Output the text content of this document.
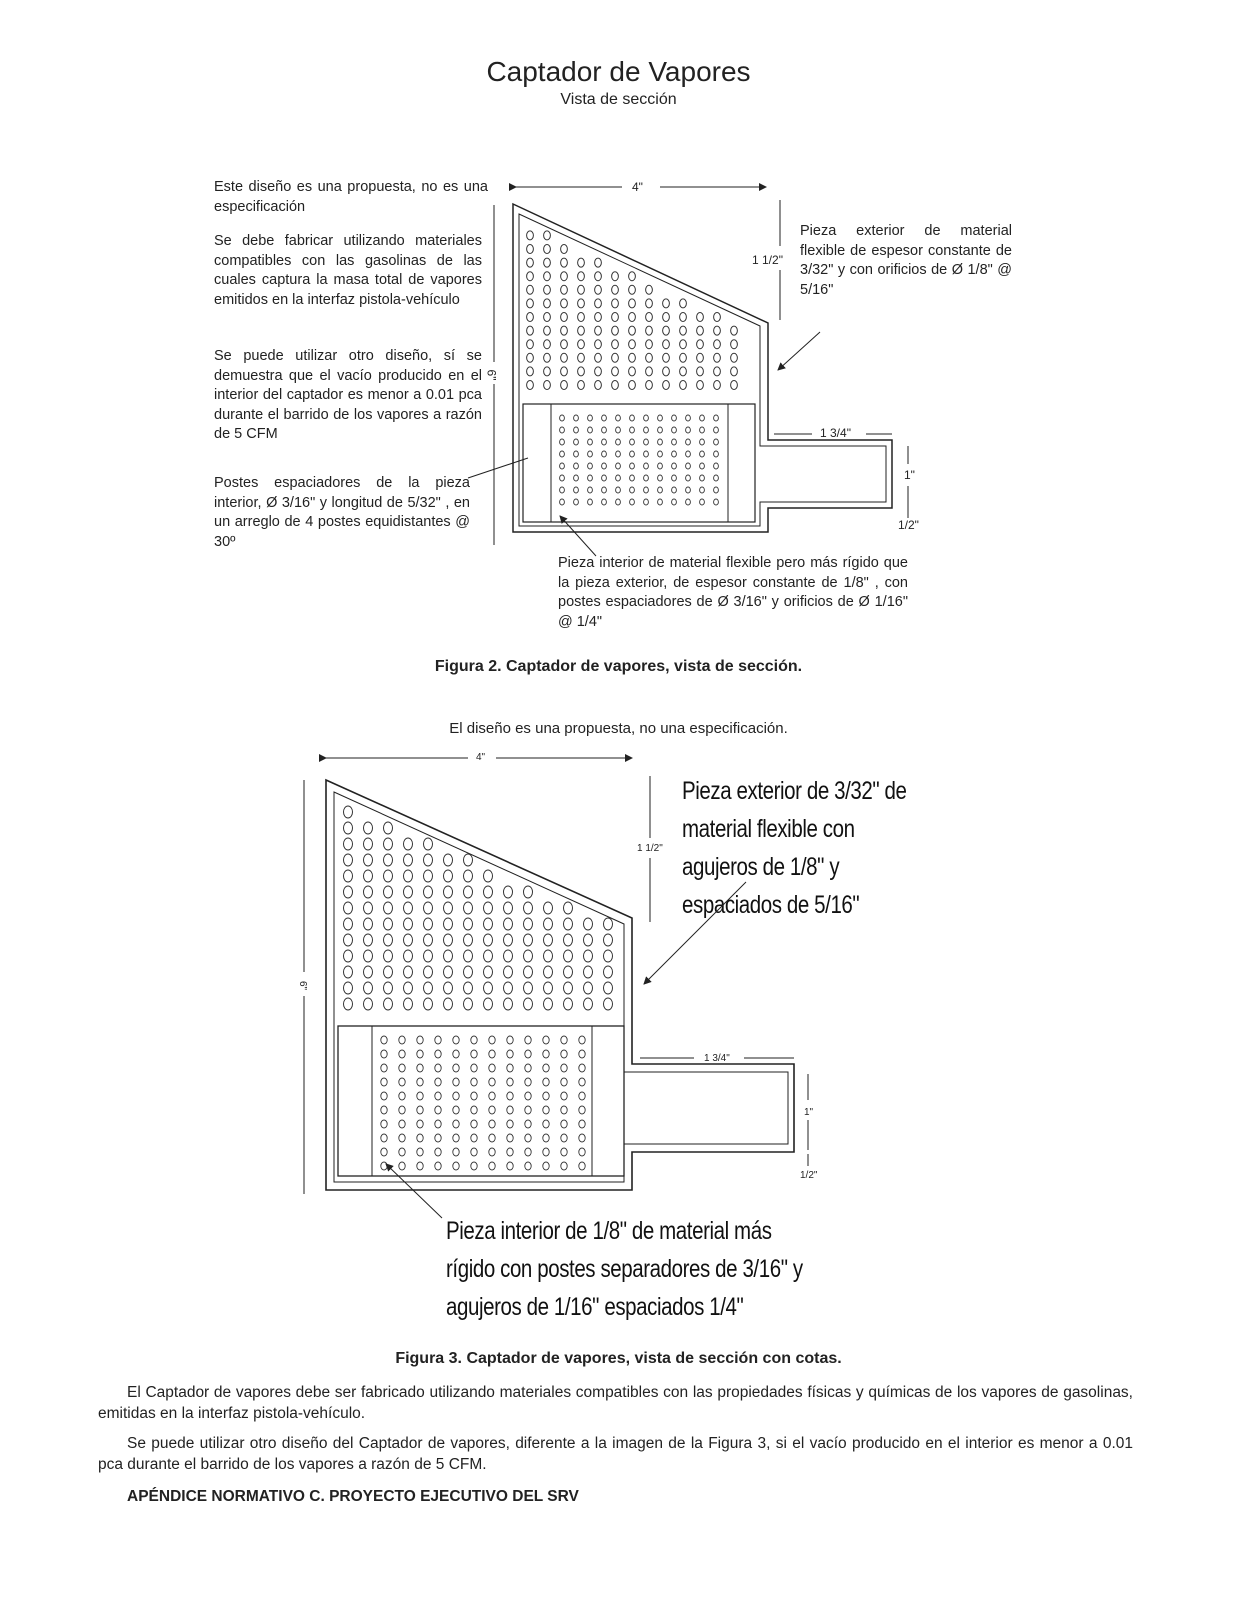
Captador de Vapores
Vista de sección
Este diseño es una propuesta, no es una especificación
Se debe fabricar utilizando materiales compatibles con las gasolinas de las cuales captura la masa total de vapores emitidos en la interfaz pistola-vehículo
Se puede utilizar otro diseño, sí se demuestra que el vacío producido en el interior del captador es menor a 0.01 pca durante el barrido de los vapores a razón de 5 CFM
Postes espaciadores de la pieza interior, Ø 3/16" y longitud de 5/32" , en un arreglo de 4 postes equidistantes @ 30º
Pieza exterior de material flexible de espesor constante de 3/32" y con orificios de Ø 1/8" @ 5/16"
Pieza interior de material flexible pero más rígido que la pieza exterior, de espesor constante de 1/8" , con postes espaciadores de Ø 3/16" y orificios de Ø 1/16" @ 1/4"
4"
1 1/2"
6"
1 3/4"
1"
1/2"
Figura 2. Captador de vapores, vista de sección.
El diseño es una propuesta, no una especificación.
Pieza exterior de 3/32" de material flexible con agujeros de 1/8" y espaciados de 5/16"
Pieza interior de 1/8" de material más rígido con postes separadores de 3/16" y agujeros de 1/16" espaciados 1/4"
4"
1 1/2"
6"
1 3/4"
1"
1/2"
Figura 3. Captador de vapores, vista de sección con cotas.
El Captador de vapores debe ser fabricado utilizando materiales compatibles con las propiedades físicas y químicas de los vapores de gasolinas, emitidas en la interfaz pistola-vehículo.
Se puede utilizar otro diseño del Captador de vapores, diferente a la imagen de la Figura 3, si el vacío producido en el interior es menor a 0.01 pca durante el barrido de los vapores a razón de 5 CFM.
APÉNDICE NORMATIVO C. PROYECTO EJECUTIVO DEL SRV
